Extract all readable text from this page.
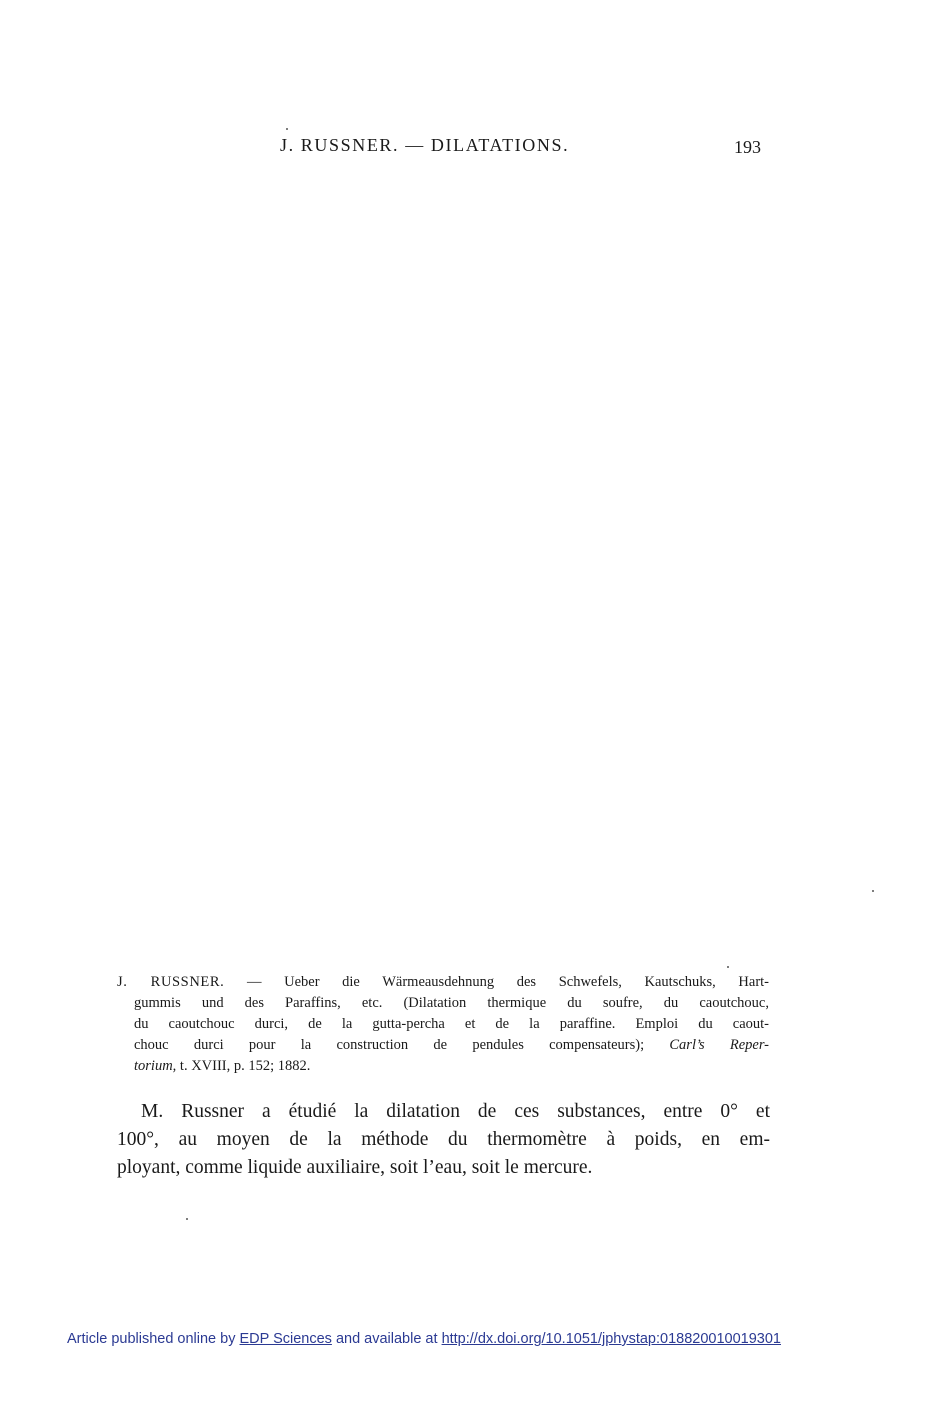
J. RUSSNER. — DILATATIONS.	193
J. RUSSNER. — Ueber die Wärmeausdehnung des Schwefels, Kautschuks, Hart-
gummis und des Paraffins, etc. (Dilatation thermique du soufre, du caoutchouc,
du caoutchouc durci, de la gutta-percha et de la paraffine. Emploi du caout-
chouc durci pour la construction de pendules compensateurs); Carl’s Reper-
torium, t. XVIII, p. 152; 1882.
M. Russner a étudié la dilatation de ces substances, entre 0° et
100°, au moyen de la méthode du thermomètre à poids, en em-
ployant, comme liquide auxiliaire, soit l’eau, soit le mercure.
Article published online by EDP Sciences and available at http://dx.doi.org/10.1051/jphystap:018820010019301
